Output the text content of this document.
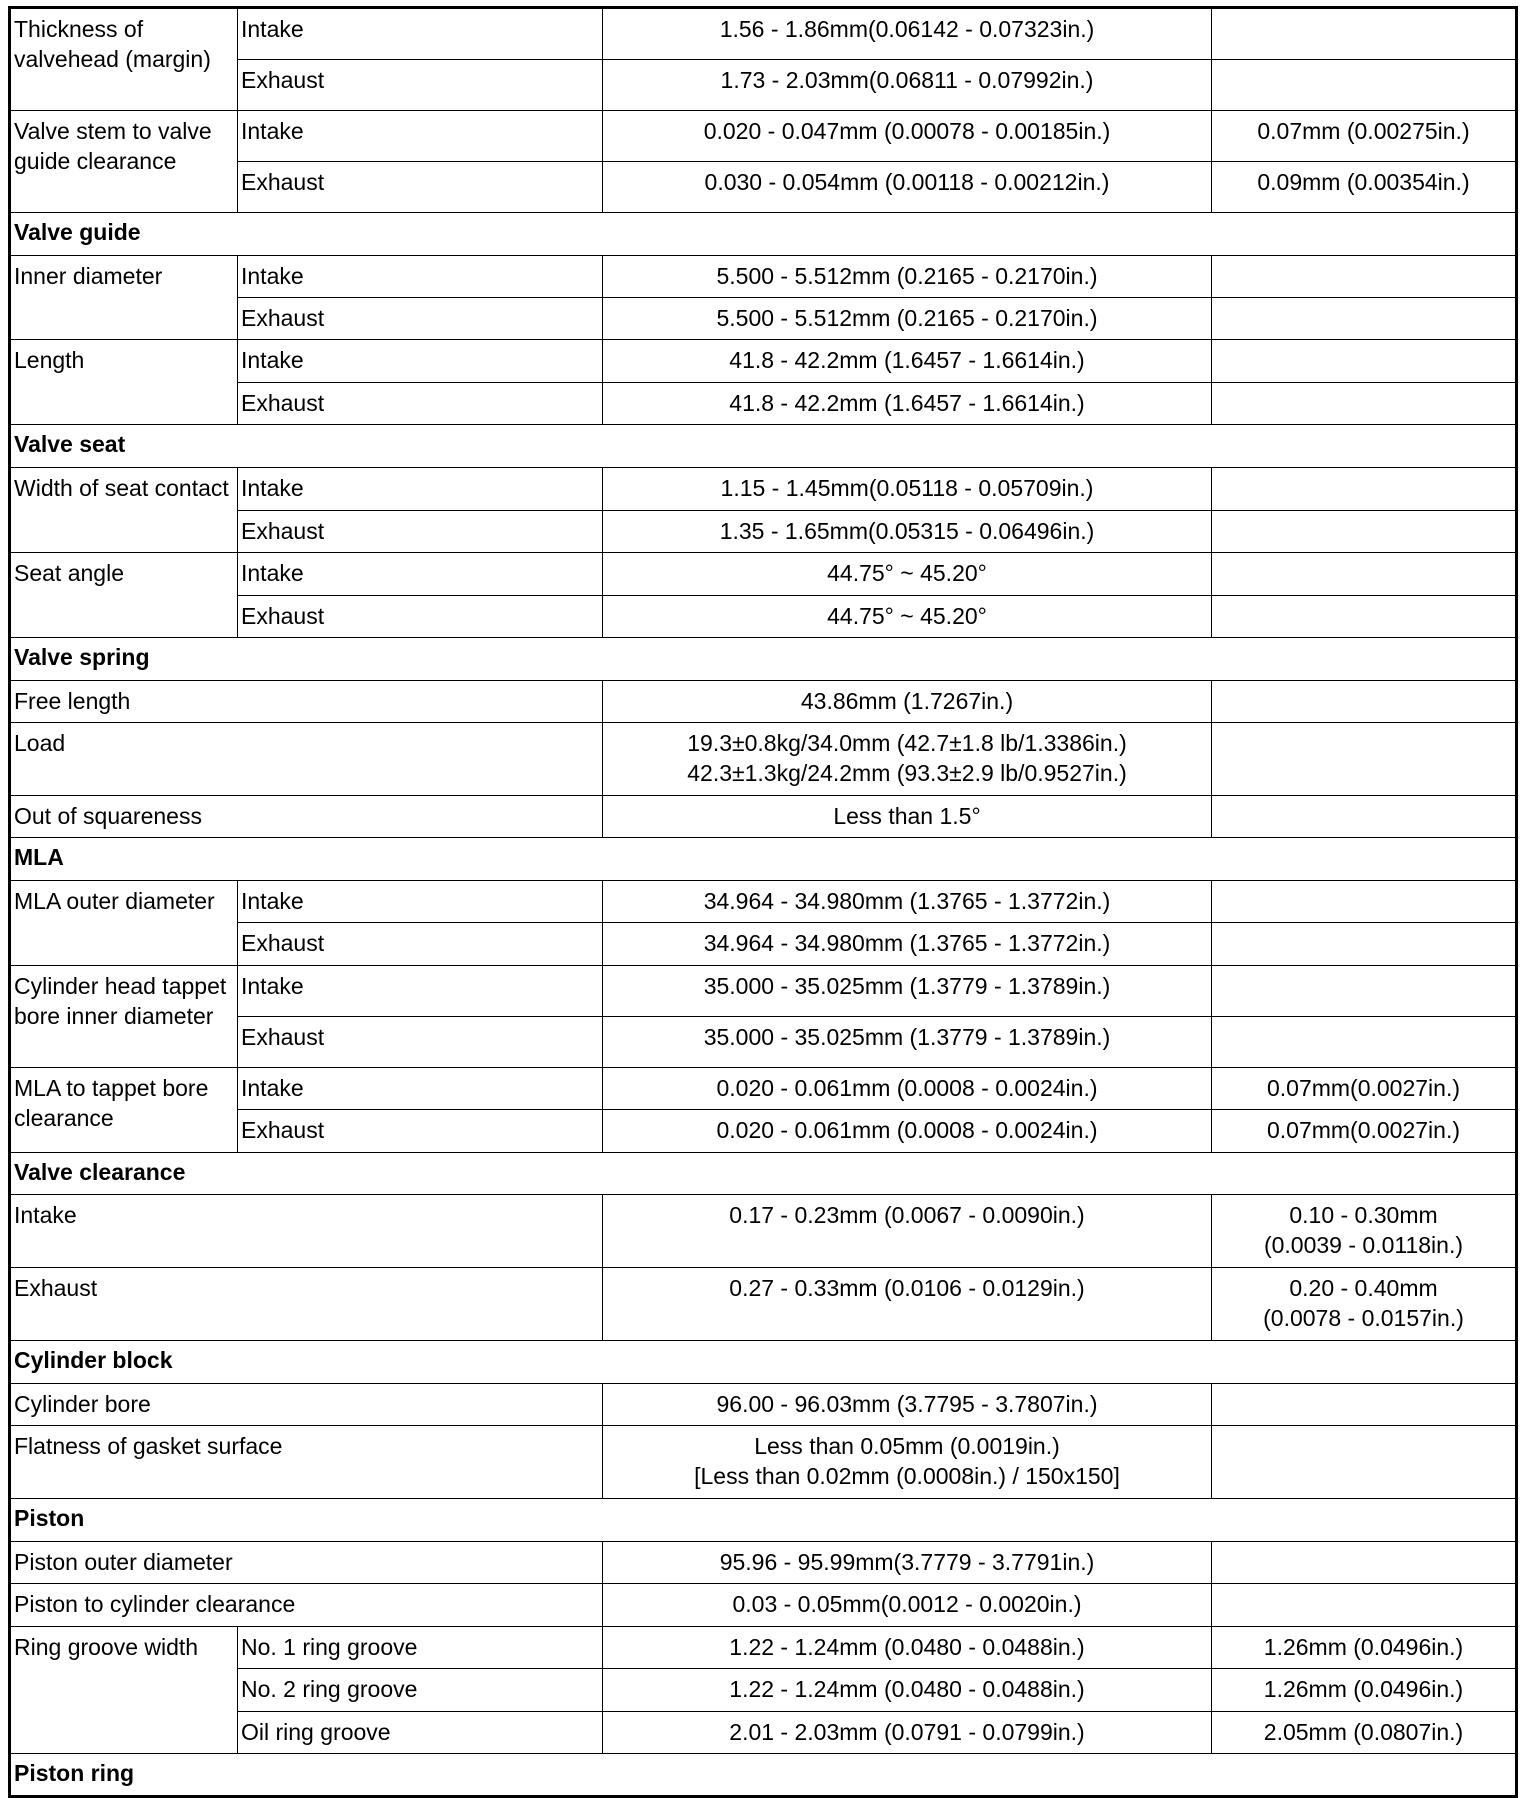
Thickness of valvehead (margin)	Intake	1.56 - 1.86mm(0.06142 - 0.07323in.)	
	Exhaust	1.73 - 2.03mm(0.06811 - 0.07992in.)	
Valve stem to valve guide clearance	Intake	0.020 - 0.047mm (0.00078 - 0.00185in.)	0.07mm (0.00275in.)
	Exhaust	0.030 - 0.054mm (0.00118 - 0.00212in.)	0.09mm (0.00354in.)
Valve guide			
Inner diameter	Intake	5.500 - 5.512mm (0.2165 - 0.2170in.)	
	Exhaust	5.500 - 5.512mm (0.2165 - 0.2170in.)	
Length	Intake	41.8 - 42.2mm (1.6457 - 1.6614in.)	
	Exhaust	41.8 - 42.2mm (1.6457 - 1.6614in.)	
Valve seat			
Width of seat contact	Intake	1.15 - 1.45mm(0.05118 - 0.05709in.)	
	Exhaust	1.35 - 1.65mm(0.05315 - 0.06496in.)	
Seat angle	Intake	44.75° ~ 45.20°	
	Exhaust	44.75° ~ 45.20°	
Valve spring			
Free length		43.86mm (1.7267in.)	
Load		19.3±0.8kg/34.0mm (42.7±1.8 lb/1.3386in.)
42.3±1.3kg/24.2mm (93.3±2.9 lb/0.9527in.)	
Out of squareness		Less than 1.5°	
MLA			
MLA outer diameter	Intake	34.964 - 34.980mm (1.3765 - 1.3772in.)	
	Exhaust	34.964 - 34.980mm (1.3765 - 1.3772in.)	
Cylinder head tappet bore inner diameter	Intake	35.000 - 35.025mm (1.3779 - 1.3789in.)	
	Exhaust	35.000 - 35.025mm (1.3779 - 1.3789in.)	
MLA to tappet bore clearance	Intake	0.020 - 0.061mm (0.0008 - 0.0024in.)	0.07mm(0.0027in.)
	Exhaust	0.020 - 0.061mm (0.0008 - 0.0024in.)	0.07mm(0.0027in.)
Valve clearance			
Intake		0.17 - 0.23mm (0.0067 - 0.0090in.)	0.10 - 0.30mm
(0.0039 - 0.0118in.)
Exhaust		0.27 - 0.33mm (0.0106 - 0.0129in.)	0.20 - 0.40mm
(0.0078 - 0.0157in.)
Cylinder block			
Cylinder bore		96.00 - 96.03mm (3.7795 - 3.7807in.)	
Flatness of gasket surface		Less than 0.05mm (0.0019in.)
[Less than 0.02mm (0.0008in.) / 150x150]	
Piston			
Piston outer diameter		95.96 - 95.99mm(3.7779 - 3.7791in.)	
Piston to cylinder clearance		0.03 - 0.05mm(0.0012 - 0.0020in.)	
Ring groove width	No. 1 ring groove	1.22 - 1.24mm (0.0480 - 0.0488in.)	1.26mm (0.0496in.)
	No. 2 ring groove	1.22 - 1.24mm (0.0480 - 0.0488in.)	1.26mm (0.0496in.)
	Oil ring groove	2.01 - 2.03mm (0.0791 - 0.0799in.)	2.05mm (0.0807in.)
Piston ring			
